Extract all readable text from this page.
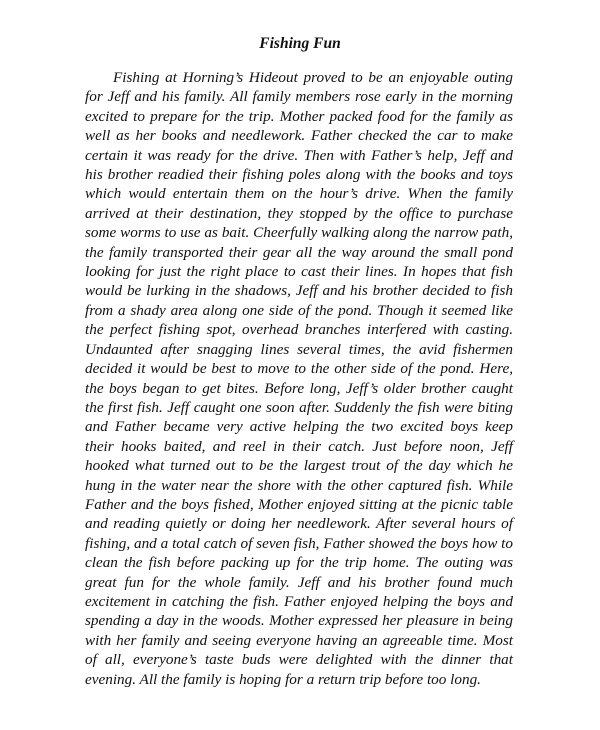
Fishing Fun

Fishing at Horning’s Hideout proved to be an enjoyable outing for Jeff and his family. All family members rose early in the morning excited to prepare for the trip. Mother packed food for the family as well as her books and needlework. Father checked the car to make certain it was ready for the drive. Then with Father’s help, Jeff and his brother readied their fishing poles along with the books and toys which would entertain them on the hour’s drive. When the family arrived at their destination, they stopped by the office to purchase some worms to use as bait. Cheerfully walking along the narrow path, the family transported their gear all the way around the small pond looking for just the right place to cast their lines. In hopes that fish would be lurking in the shadows, Jeff and his brother decided to fish from a shady area along one side of the pond. Though it seemed like the perfect fishing spot, overhead branches interfered with casting. Undaunted after snagging lines several times, the avid fishermen decided it would be best to move to the other side of the pond. Here, the boys began to get bites. Before long, Jeff’s older brother caught the first fish. Jeff caught one soon after. Suddenly the fish were biting and Father became very active helping the two excited boys keep their hooks baited, and reel in their catch. Just before noon, Jeff hooked what turned out to be the largest trout of the day which he hung in the water near the shore with the other captured fish. While Father and the boys fished, Mother enjoyed sitting at the picnic table and reading quietly or doing her needlework. After several hours of fishing, and a total catch of seven fish, Father showed the boys how to clean the fish before packing up for the trip home. The outing was great fun for the whole family. Jeff and his brother found much excitement in catching the fish. Father enjoyed helping the boys and spending a day in the woods. Mother expressed her pleasure in being with her family and seeing everyone having an agreeable time. Most of all, everyone’s taste buds were delighted with the dinner that evening. All the family is hoping for a return trip before too long.
